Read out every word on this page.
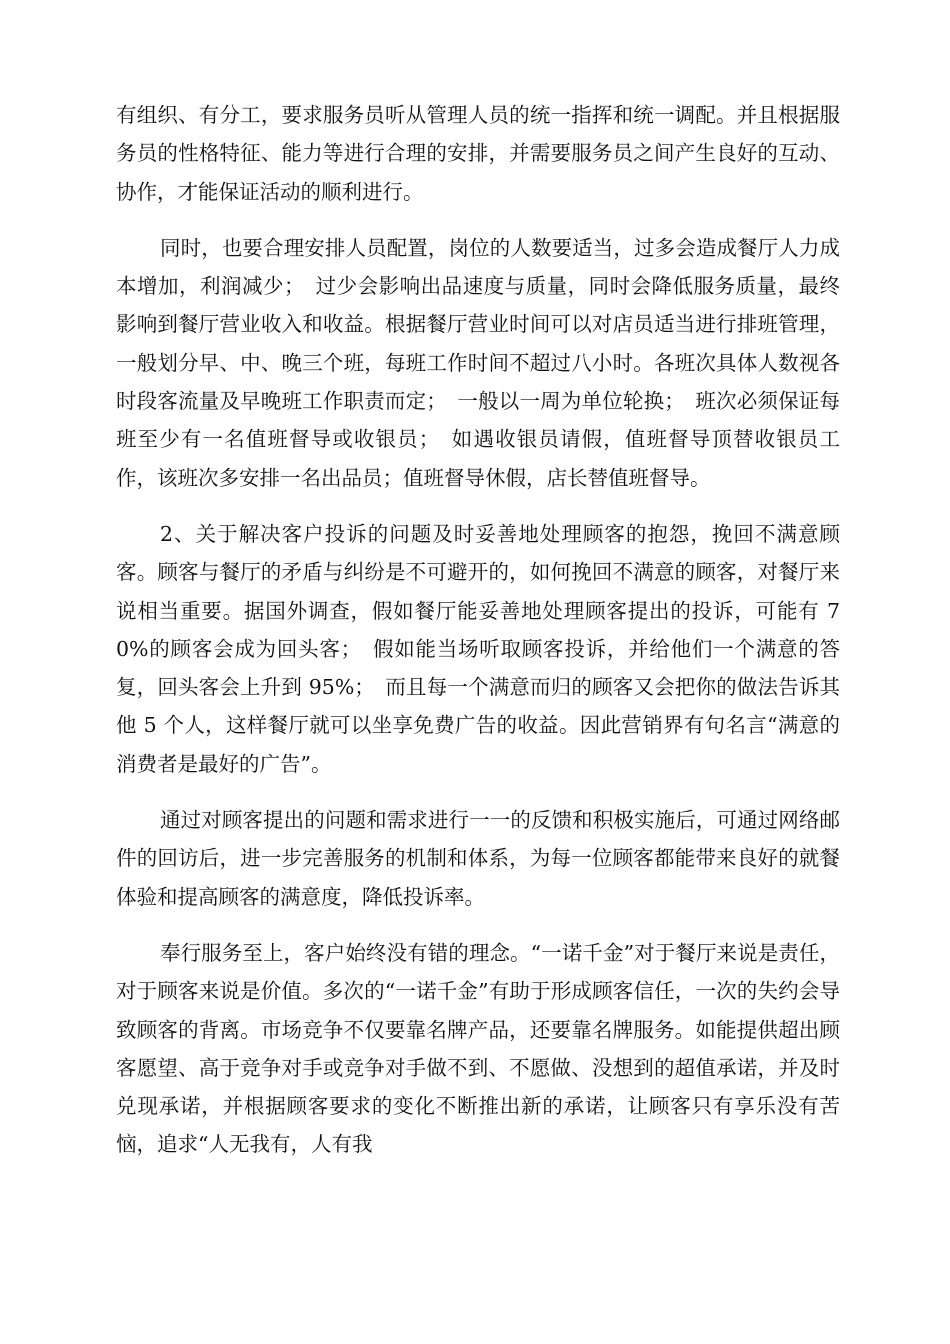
有组织、有分工，要求服务员听从管理人员的统一指挥和统一调配。并且根据服务员的性格特征、能力等进行合理的安排，并需要服务员之间产生良好的互动、协作，才能保证活动的顺利进行。

同时，也要合理安排人员配置，岗位的人数要适当，过多会造成餐厅人力成本增加，利润减少；　过少会影响出品速度与质量，同时会降低服务质量，最终影响到餐厅营业收入和收益。根据餐厅营业时间可以对店员适当进行排班管理，一般划分早、中、晚三个班，每班工作时间不超过八小时。各班次具体人数视各时段客流量及早晚班工作职责而定；　一般以一周为单位轮换；　班次必须保证每班至少有一名值班督导或收银员；　如遇收银员请假，值班督导顶替收银员工作，该班次多安排一名出品员；值班督导休假，店长替值班督导。

2、关于解决客户投诉的问题及时妥善地处理顾客的抱怨，挽回不满意顾客。顾客与餐厅的矛盾与纠纷是不可避开的，如何挽回不满意的顾客，对餐厅来说相当重要。据国外调查，假如餐厅能妥善地处理顾客提出的投诉，可能有 70%的顾客会成为回头客；　假如能当场听取顾客投诉，并给他们一个满意的答复，回头客会上升到 95%；　而且每一个满意而归的顾客又会把你的做法告诉其他 5 个人，这样餐厅就可以坐享免费广告的收益。因此营销界有句名言“满意的消费者是最好的广告”。

通过对顾客提出的问题和需求进行一一的反馈和积极实施后，可通过网络邮件的回访后，进一步完善服务的机制和体系，为每一位顾客都能带来良好的就餐体验和提高顾客的满意度，降低投诉率。

奉行服务至上，客户始终没有错的理念。“一诺千金”对于餐厅来说是责任，对于顾客来说是价值。多次的“一诺千金”有助于形成顾客信任，一次的失约会导致顾客的背离。市场竞争不仅要靠名牌产品，还要靠名牌服务。如能提供超出顾客愿望、高于竞争对手或竞争对手做不到、不愿做、没想到的超值承诺，并及时兑现承诺，并根据顾客要求的变化不断推出新的承诺，让顾客只有享乐没有苦恼，追求“人无我有，人有我
